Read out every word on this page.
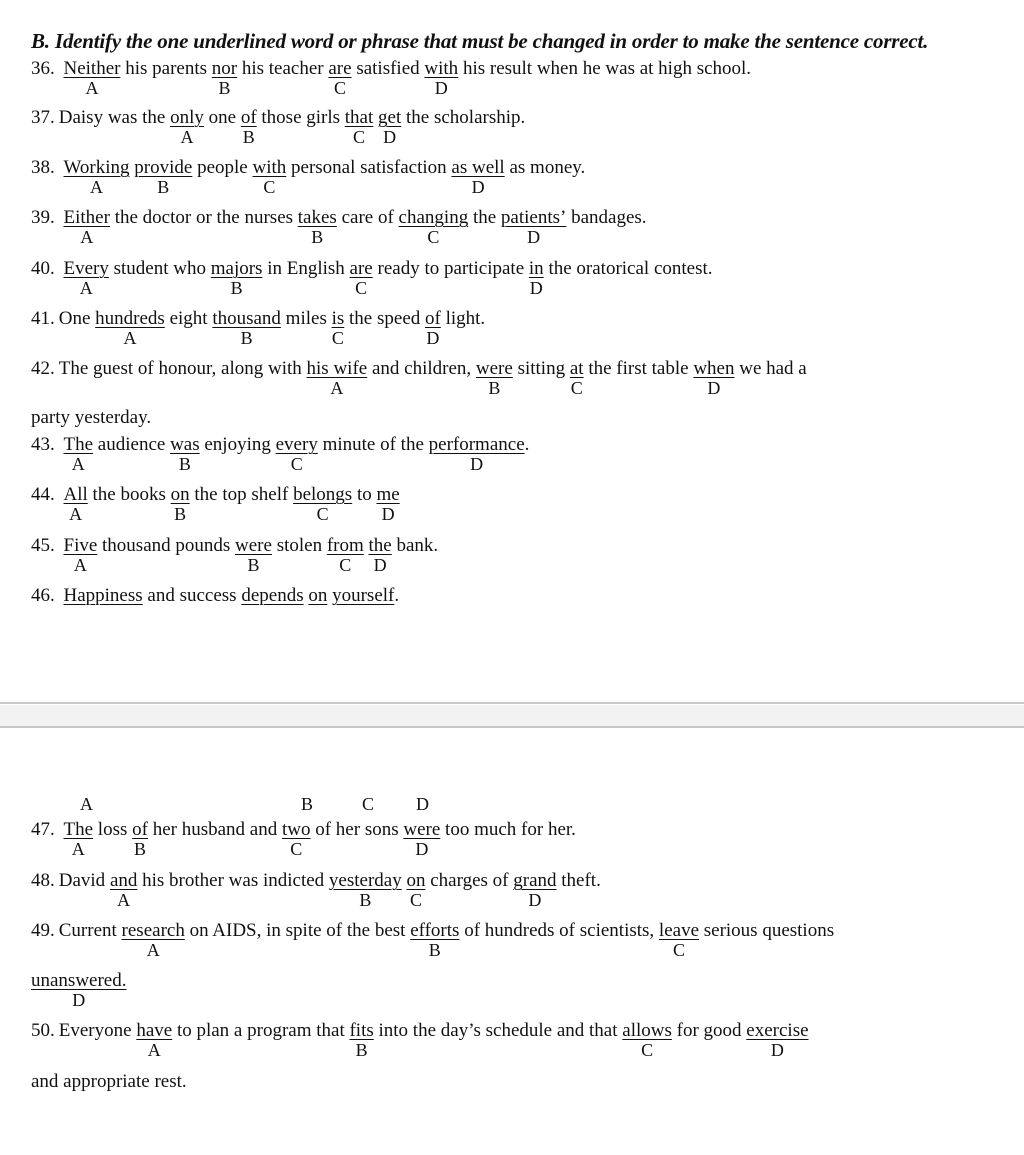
B. Identify the one underlined word or phrase that must be changed in order to make the sentence correct.
36. Neither
A
his parents nor
B
his teacher are
C
satisfied with
D
his result when he was at high school.
37. Daisy was the only
A
one of
B
those girls that
C
get
D
the scholarship.
38. Working
A
provide
B
people with
C
personal satisfaction as well
D
as money.
39. Either
A
the doctor or the nurses takes
B
care of changing
C
the patients’
D
bandages.
40. Every
A
student who majors
B
in English are
C
ready to participate in
D
the oratorical contest.
41. One hundreds
A
eight thousand
B
miles is
C
the speed of
D
light.
42. The guest of honour, along with his wife
A
and children, were
B
sitting at
C
the first table when
D
we had a
party yesterday.
43. The
A
audience was
B
enjoying every
C
minute of the performance
D
.
44. All
A
the books on
B
the top shelf belongs
C
to me
D
45. Five
A
thousand pounds were
B
stolen from
C
the
D
bank.
46. Happiness and success depends on yourself.
A	B	C D
47. The
A
loss of
B
her husband and two
C
of her sons were
D
too much for her.
48. David and
A
his brother was indicted yesterday
B
on
C
charges of grand
D
theft.
49. Current research
A
on AIDS, in spite of the best efforts
B
of hundreds of scientists, leave
C
serious questions
unanswered.
D
50. Everyone have
A
to plan a program that fits
B
into the day’s schedule and that allows
C
for good exercise
D
and appropriate rest.
